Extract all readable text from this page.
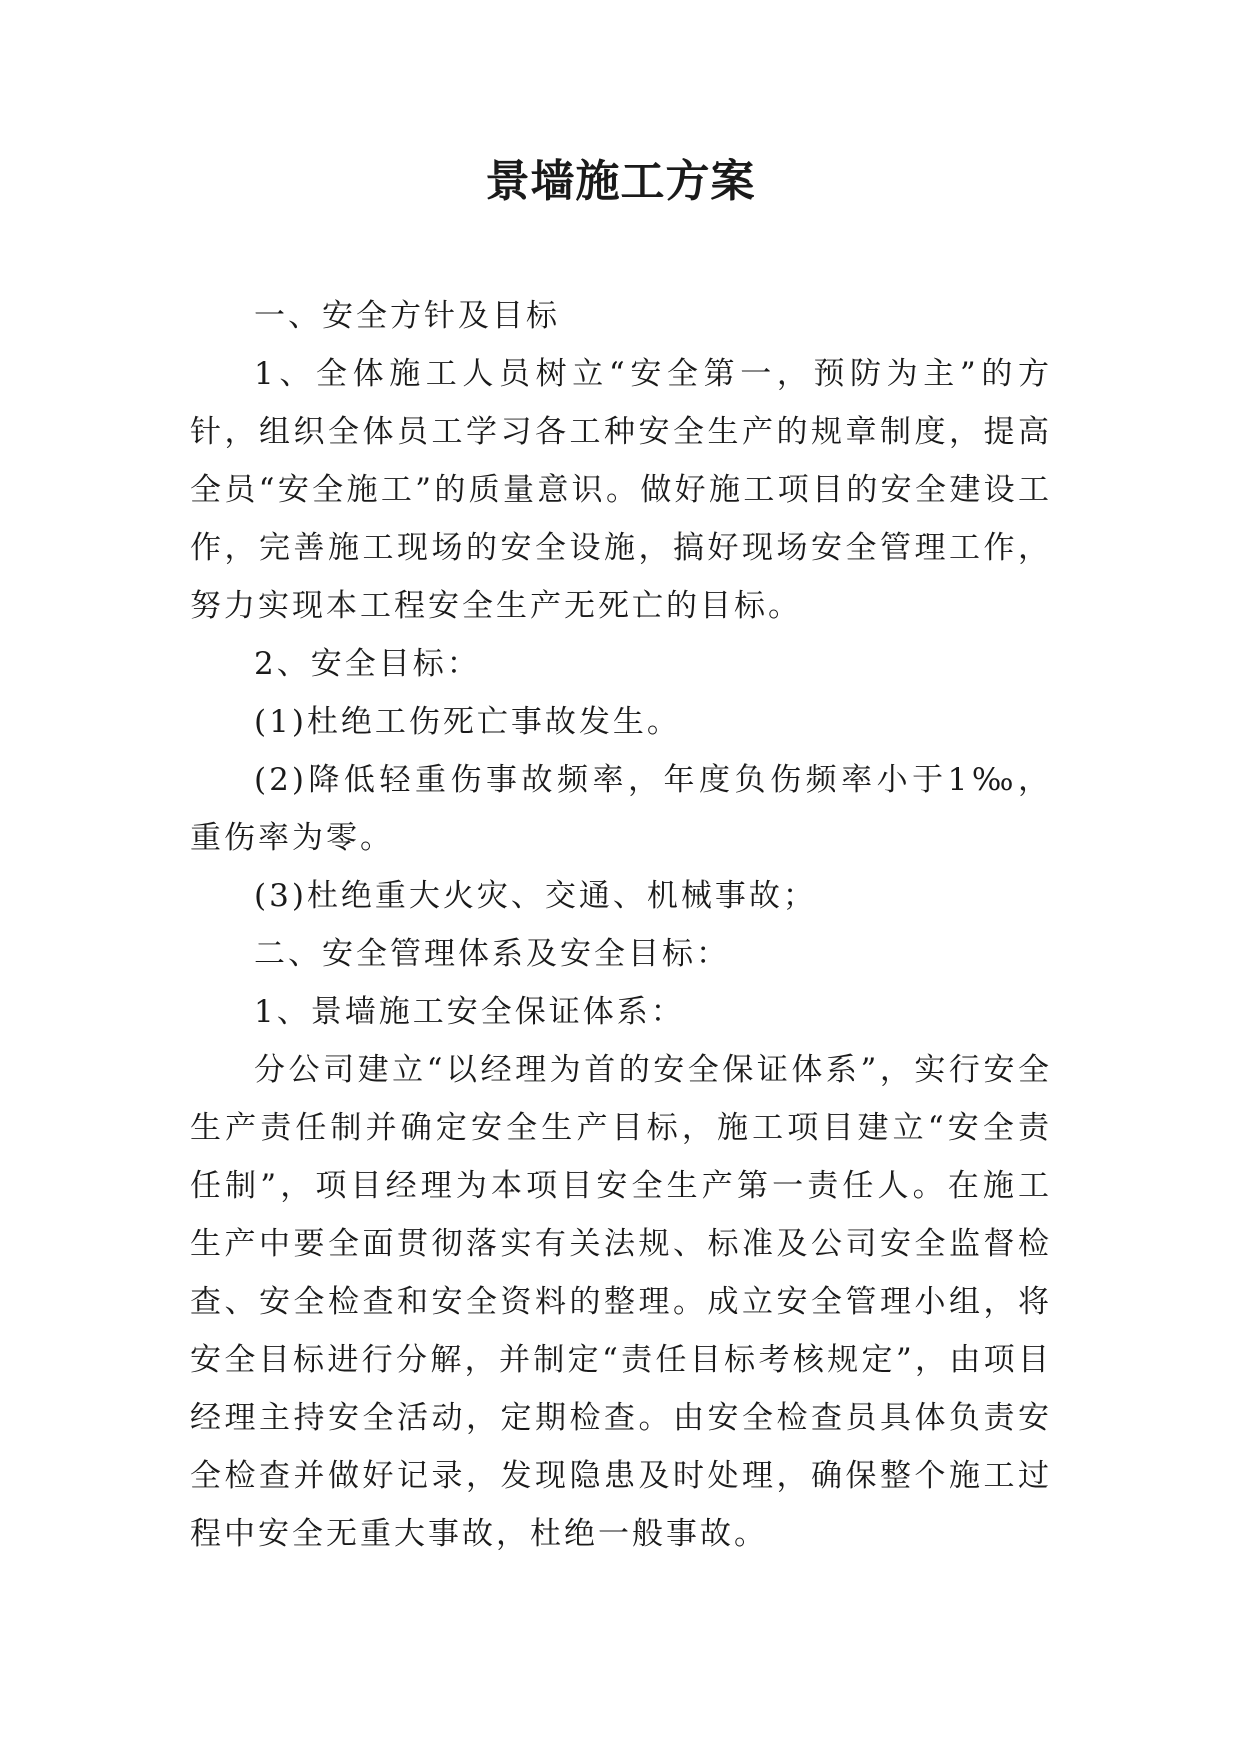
景墙施工方案

一、安全方针及目标

1、全体施工人员树立“安全第一，预防为主”的方针，组织全体员工学习各工种安全生产的规章制度，提高全员“安全施工”的质量意识。做好施工项目的安全建设工作，完善施工现场的安全设施，搞好现场安全管理工作，努力实现本工程安全生产无死亡的目标。

2、安全目标：

(1)杜绝工伤死亡事故发生。

(2)降低轻重伤事故频率，年度负伤频率小于1‰，重伤率为零。

(3)杜绝重大火灾、交通、机械事故；

二、安全管理体系及安全目标：

1、景墙施工安全保证体系：

分公司建立“以经理为首的安全保证体系”，实行安全生产责任制并确定安全生产目标，施工项目建立“安全责任制”，项目经理为本项目安全生产第一责任人。在施工生产中要全面贯彻落实有关法规、标准及公司安全监督检查、安全检查和安全资料的整理。成立安全管理小组，将安全目标进行分解，并制定“责任目标考核规定”，由项目经理主持安全活动，定期检查。由安全检查员具体负责安全检查并做好记录，发现隐患及时处理，确保整个施工过程中安全无重大事故，杜绝一般事故。
